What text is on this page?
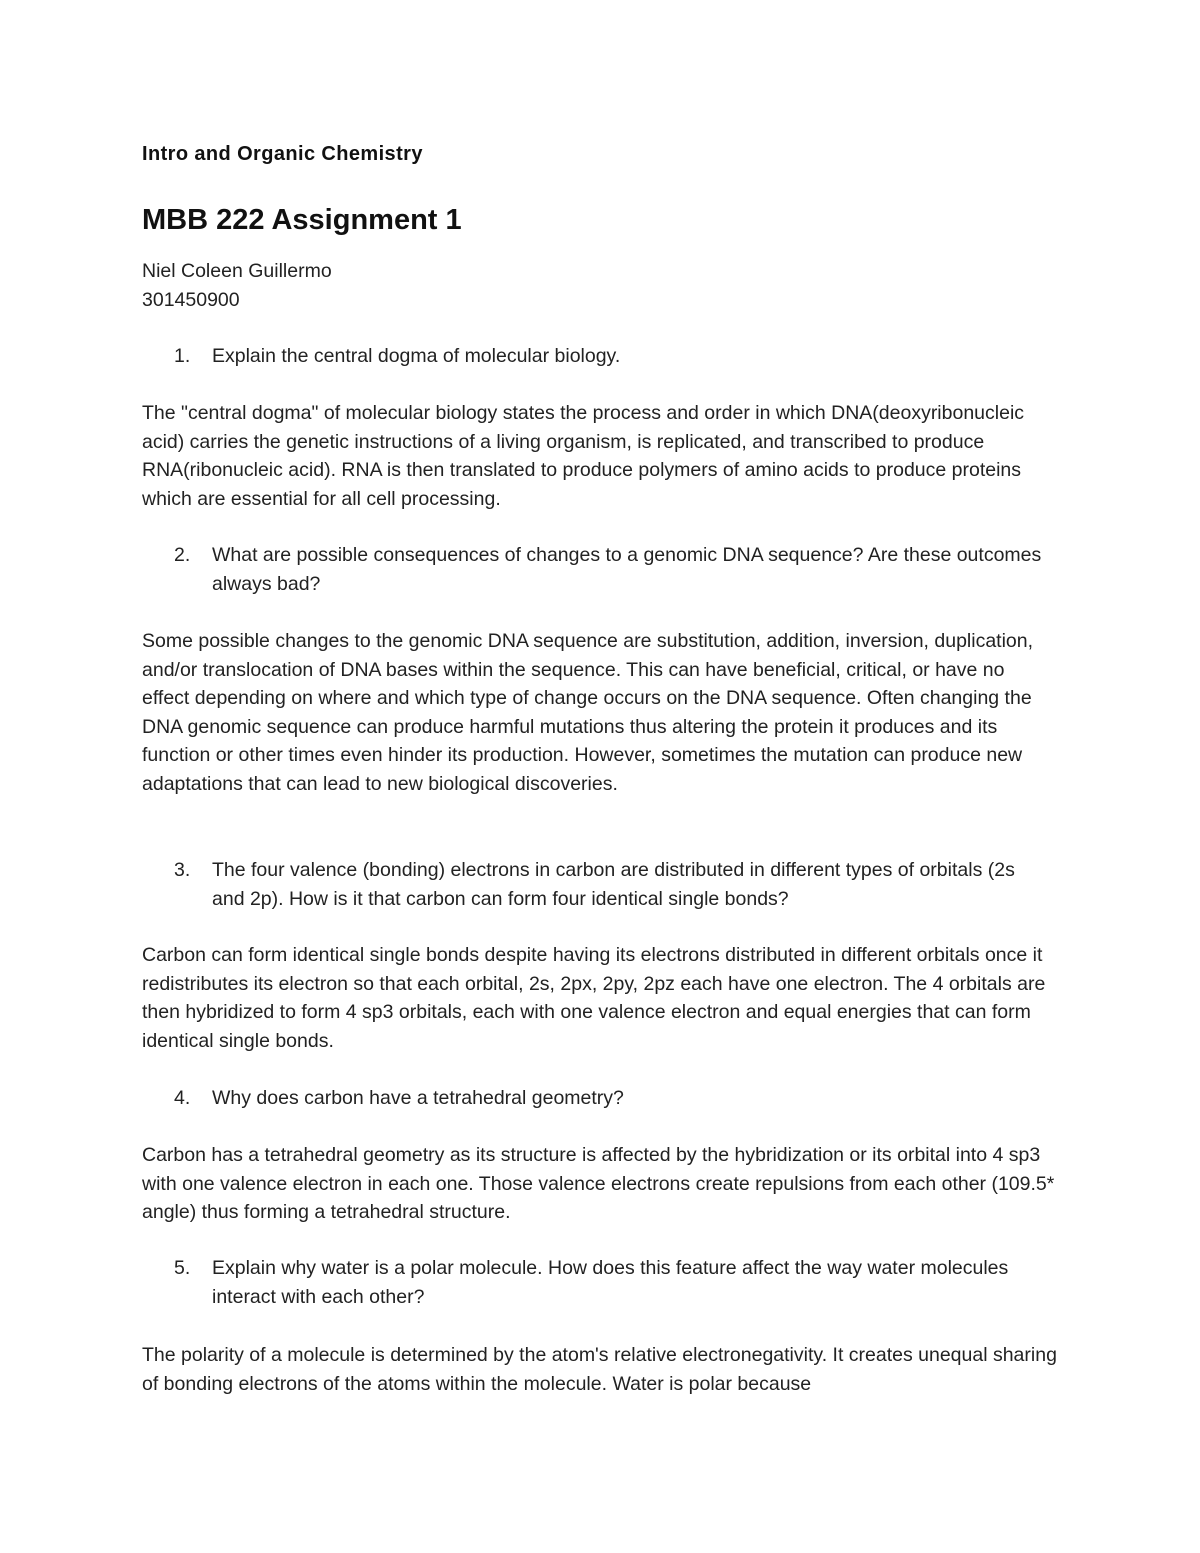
Intro and Organic Chemistry
MBB 222 Assignment 1
Niel Coleen Guillermo
301450900
1.	Explain the central dogma of molecular biology.

The "central dogma" of molecular biology states the process and order in which DNA(deoxyribonucleic acid) carries the genetic instructions of a living organism, is replicated, and transcribed to produce RNA(ribonucleic acid). RNA is then translated to produce polymers of amino acids to produce proteins which are essential for all cell processing.

2.	What are possible consequences of changes to a genomic DNA sequence? Are these outcomes always bad?

Some possible changes to the genomic DNA sequence are substitution, addition, inversion, duplication, and/or translocation of DNA bases within the sequence. This can have beneficial, critical, or have no effect depending on where and which type of change occurs on the DNA sequence. Often changing the DNA genomic sequence can produce harmful mutations thus altering the protein it produces and its function or other times even hinder its production. However, sometimes the mutation can produce new adaptations that can lead to new biological discoveries.

3.	The four valence (bonding) electrons in carbon are distributed in different types of orbitals (2s and 2p). How is it that carbon can form four identical single bonds?

Carbon can form identical single bonds despite having its electrons distributed in different orbitals once it redistributes its electron so that each orbital, 2s, 2px, 2py, 2pz each have one electron. The 4 orbitals are then hybridized to form 4 sp3 orbitals, each with one valence electron and equal energies that can form identical single bonds.

4.	Why does carbon have a tetrahedral geometry?

Carbon has a tetrahedral geometry as its structure is affected by the hybridization or its orbital into 4 sp3 with one valence electron in each one. Those valence electrons create repulsions from each other (109.5* angle) thus forming a tetrahedral structure.

5.	Explain why water is a polar molecule. How does this feature affect the way water molecules interact with each other?

The polarity of a molecule is determined by the atom's relative electronegativity. It creates unequal sharing of bonding electrons of the atoms within the molecule. Water is polar because
